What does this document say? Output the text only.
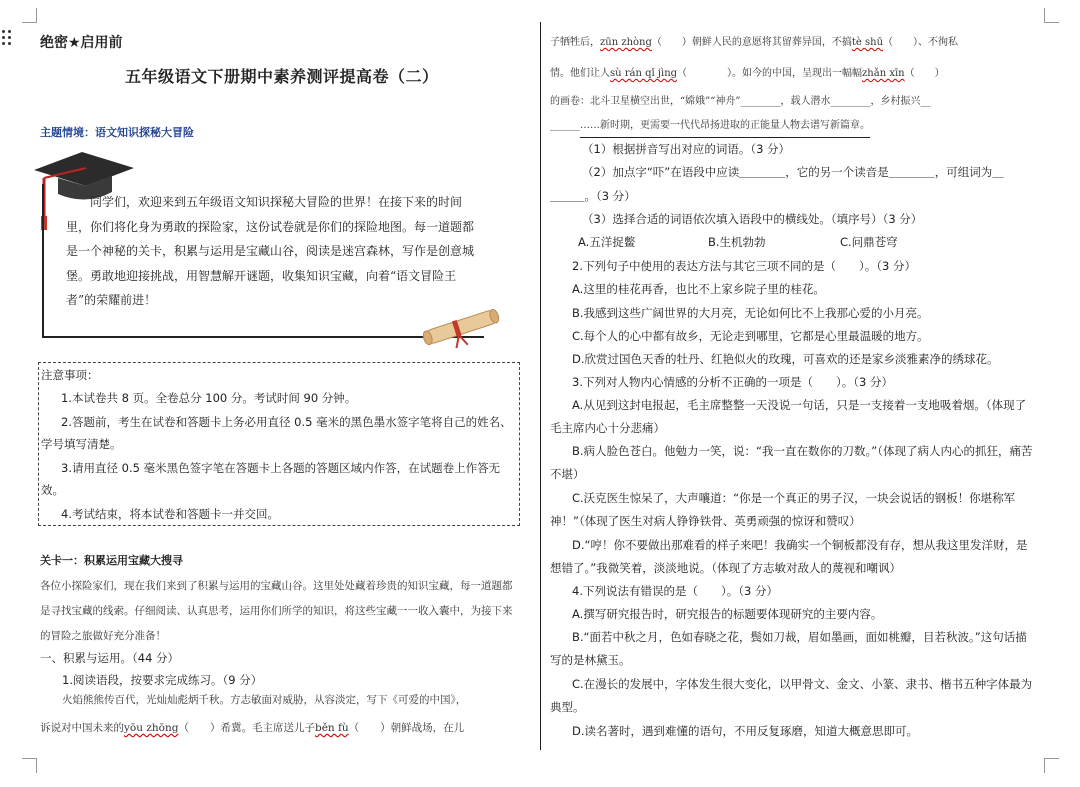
绝密★启用前
五年级语文下册期中素养测评提高卷（二）
主题情境：语文知识探秘大冒险

同学们，欢迎来到五年级语文知识探秘大冒险的世界！在接下来的时间里，你们将化身为勇敢的探险家，这份试卷就是你们的探险地图。每一道题都是一个神秘的关卡，积累与运用是宝藏山谷，阅读是迷宫森林，写作是创意城堡。勇敢地迎接挑战，用智慧解开谜题，收集知识宝藏，向着“语文冒险王者”的荣耀前进！

注意事项：
1.本试卷共 8 页。全卷总分 100 分。考试时间 90 分钟。
2.答题前，考生在试卷和答题卡上务必用直径 0.5 毫米的黑色墨水签字笔将自己的姓名、学号填写清楚。
3.请用直径 0.5 毫米黑色签字笔在答题卡上各题的答题区域内作答，在试题卷上作答无效。
4.考试结束，将本试卷和答题卡一并交回。
关卡一：积累运用宝藏大搜寻
各位小探险家们，现在我们来到了积累与运用的宝藏山谷。这里处处藏着珍贵的知识宝藏，每一道题都是寻找宝藏的线索。仔细阅读、认真思考，运用你们所学的知识，将这些宝藏一一收入囊中，为接下来的冒险之旅做好充分准备！
一、积累与运用。（44 分）
1.阅读语段，按要求完成练习。（9 分）
火焰熊熊传百代，光灿灿彪炳千秋。方志敏面对威胁，从容淡定，写下《可爱的中国》，
诉说对中国未来的yōu zhōng（　　）希冀。毛主席送儿子běn fù（　　）朝鲜战场，在儿
子牺牲后，zūn zhòng（　　）朝鲜人民的意愿将其留葬异国，不搞tè shū（　　）、不徇私
情。他们让人sù rán qǐ jìng（　　　　）。如今的中国，呈现出一幅幅zhǎn xīn（　　）
的画卷：北斗卫星横空出世，“嫦娥”“神舟”________，载人潜水________，乡村振兴__
______……新时期，更需要一代代昂扬进取的正能量人物去谱写新篇章。
（1）根据拼音写出对应的词语。（3 分）
（2）加点字“吓”在语段中应读＿＿＿＿，它的另一个读音是＿＿＿＿，可组词为＿
＿＿＿。（3 分）
（3）选择合适的词语依次填入语段中的横线处。（填序号）（3 分）
A.五洋捉鳖	B.生机勃勃	C.问鼎苍穹
2.下列句子中使用的表达方法与其它三项不同的是（　　）。（3 分）
A.这里的桂花再香，也比不上家乡院子里的桂花。
B.我感到这些广阔世界的大月亮，无论如何比不上我那心爱的小月亮。
C.每个人的心中都有故乡，无论走到哪里，它都是心里最温暖的地方。
D.欣赏过国色天香的牡丹、红艳似火的玫瑰，可喜欢的还是家乡淡雅素净的绣球花。
3.下列对人物内心情感的分析不正确的一项是（　　）。（3 分）
A.从见到这封电报起，毛主席整整一天没说一句话，只是一支接着一支地吸着烟。（体现了毛主席内心十分悲痛）
B.病人脸色苍白。他勉力一笑，说：“我一直在数你的刀数。”（体现了病人内心的抓狂，痛苦不堪）
C.沃克医生惊呆了，大声嚷道：“你是一个真正的男子汉，一块会说话的钢板！你堪称军神！”（体现了医生对病人铮铮铁骨、英勇顽强的惊讶和赞叹）
D.“哼！你不要做出那难看的样子来吧！我确实一个铜板都没有存，想从我这里发洋财，是想错了。”我微笑着，淡淡地说。（体现了方志敏对敌人的蔑视和嘲讽）
4.下列说法有错误的是（　　）。（3 分）
A.撰写研究报告时，研究报告的标题要体现研究的主要内容。
B.“面若中秋之月，色如春晓之花，鬓如刀裁，眉如墨画，面如桃瓣，目若秋波。”这句话描写的是林黛玉。
C.在漫长的发展中，字体发生很大变化，以甲骨文、金文、小篆、隶书、楷书五种字体最为典型。
D.读名著时，遇到难懂的语句，不用反复琢磨，知道大概意思即可。
